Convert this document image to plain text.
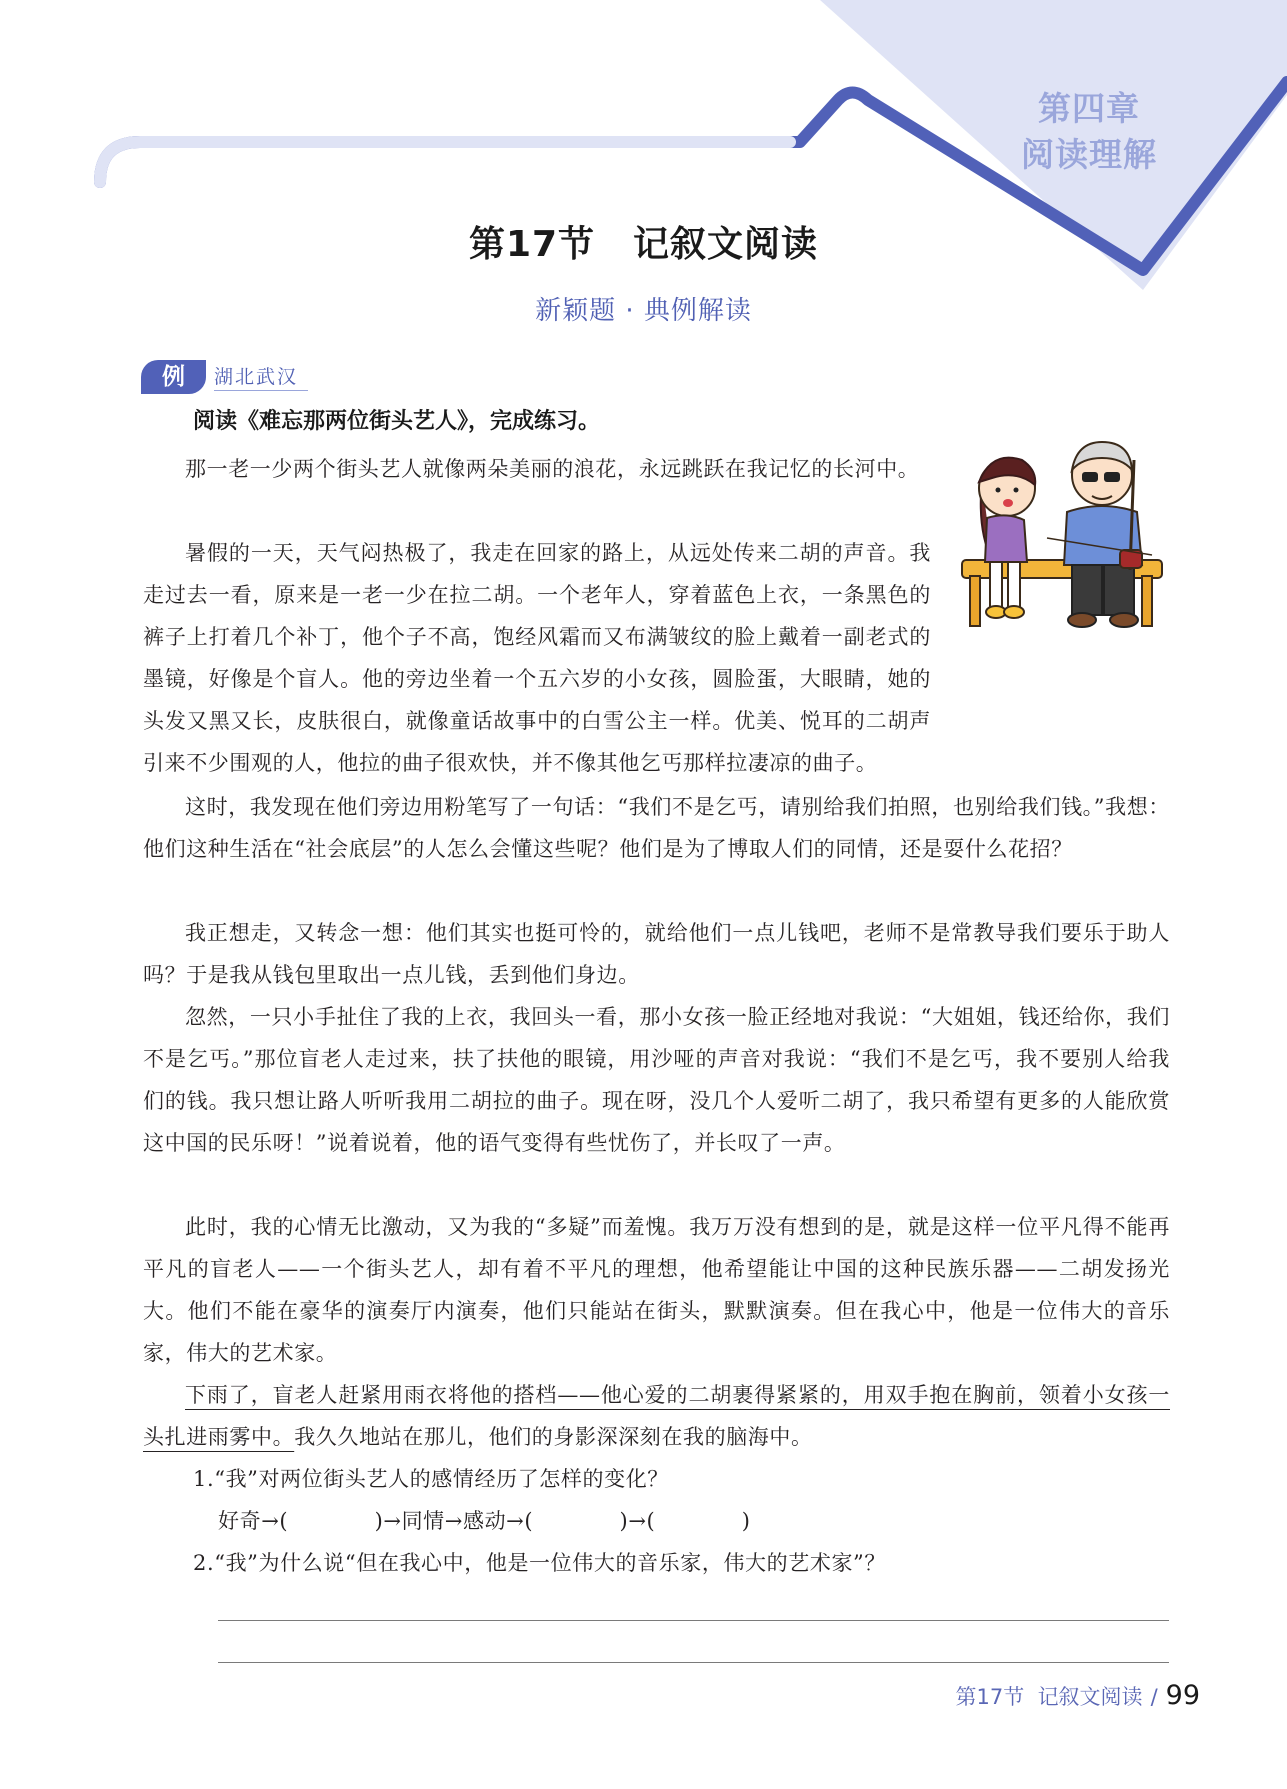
第四章
阅读理解
第17节 记叙文阅读
新颖题 · 典例解读
例	湖北武汉
阅读《难忘那两位街头艺人》，完成练习。

那一老一少两个街头艺人就像两朵美丽的浪花，永远跳跃在我记忆的长河中。

暑假的一天，天气闷热极了，我走在回家的路上，从远处传来二胡的声音。我走过去一看，原来是一老一少在拉二胡。一个老年人，穿着蓝色上衣，一条黑色的裤子上打着几个补丁，他个子不高，饱经风霜而又布满皱纹的脸上戴着一副老式的墨镜，好像是个盲人。他的旁边坐着一个五六岁的小女孩，圆脸蛋，大眼睛，她的头发又黑又长，皮肤很白，就像童话故事中的白雪公主一样。优美、悦耳的二胡声引来不少围观的人，他拉的曲子很欢快，并不像其他乞丐那样拉凄凉的曲子。

这时，我发现在他们旁边用粉笔写了一句话：“我们不是乞丐，请别给我们拍照，也别给我们钱。”我想：他们这种生活在“社会底层”的人怎么会懂这些呢？他们是为了博取人们的同情，还是耍什么花招？

我正想走，又转念一想：他们其实也挺可怜的，就给他们一点儿钱吧，老师不是常教导我们要乐于助人吗？于是我从钱包里取出一点儿钱，丢到他们身边。

忽然，一只小手扯住了我的上衣，我回头一看，那小女孩一脸正经地对我说：“大姐姐，钱还给你，我们不是乞丐。”那位盲老人走过来，扶了扶他的眼镜，用沙哑的声音对我说：“我们不是乞丐，我不要别人给我们的钱。我只想让路人听听我用二胡拉的曲子。现在呀，没几个人爱听二胡了，我只希望有更多的人能欣赏这中国的民乐呀！”说着说着，他的语气变得有些忧伤了，并长叹了一声。

此时，我的心情无比激动，又为我的“多疑”而羞愧。我万万没有想到的是，就是这样一位平凡得不能再平凡的盲老人——一个街头艺人，却有着不平凡的理想，他希望能让中国的这种民族乐器——二胡发扬光大。他们不能在豪华的演奏厅内演奏，他们只能站在街头，默默演奏。但在我心中，他是一位伟大的音乐家，伟大的艺术家。

下雨了，盲老人赶紧用雨衣将他的搭档——他心爱的二胡裹得紧紧的，用双手抱在胸前，领着小女孩一头扎进雨雾中。我久久地站在那儿，他们的身影深深刻在我的脑海中。

1.“我”对两位街头艺人的感情经历了怎样的变化？

好奇→(　　　　)→同情→感动→(　　　　)→(　　　　)

2.“我”为什么说“但在我心中，他是一位伟大的音乐家，伟大的艺术家”？

第17节 记叙文阅读 / 99
